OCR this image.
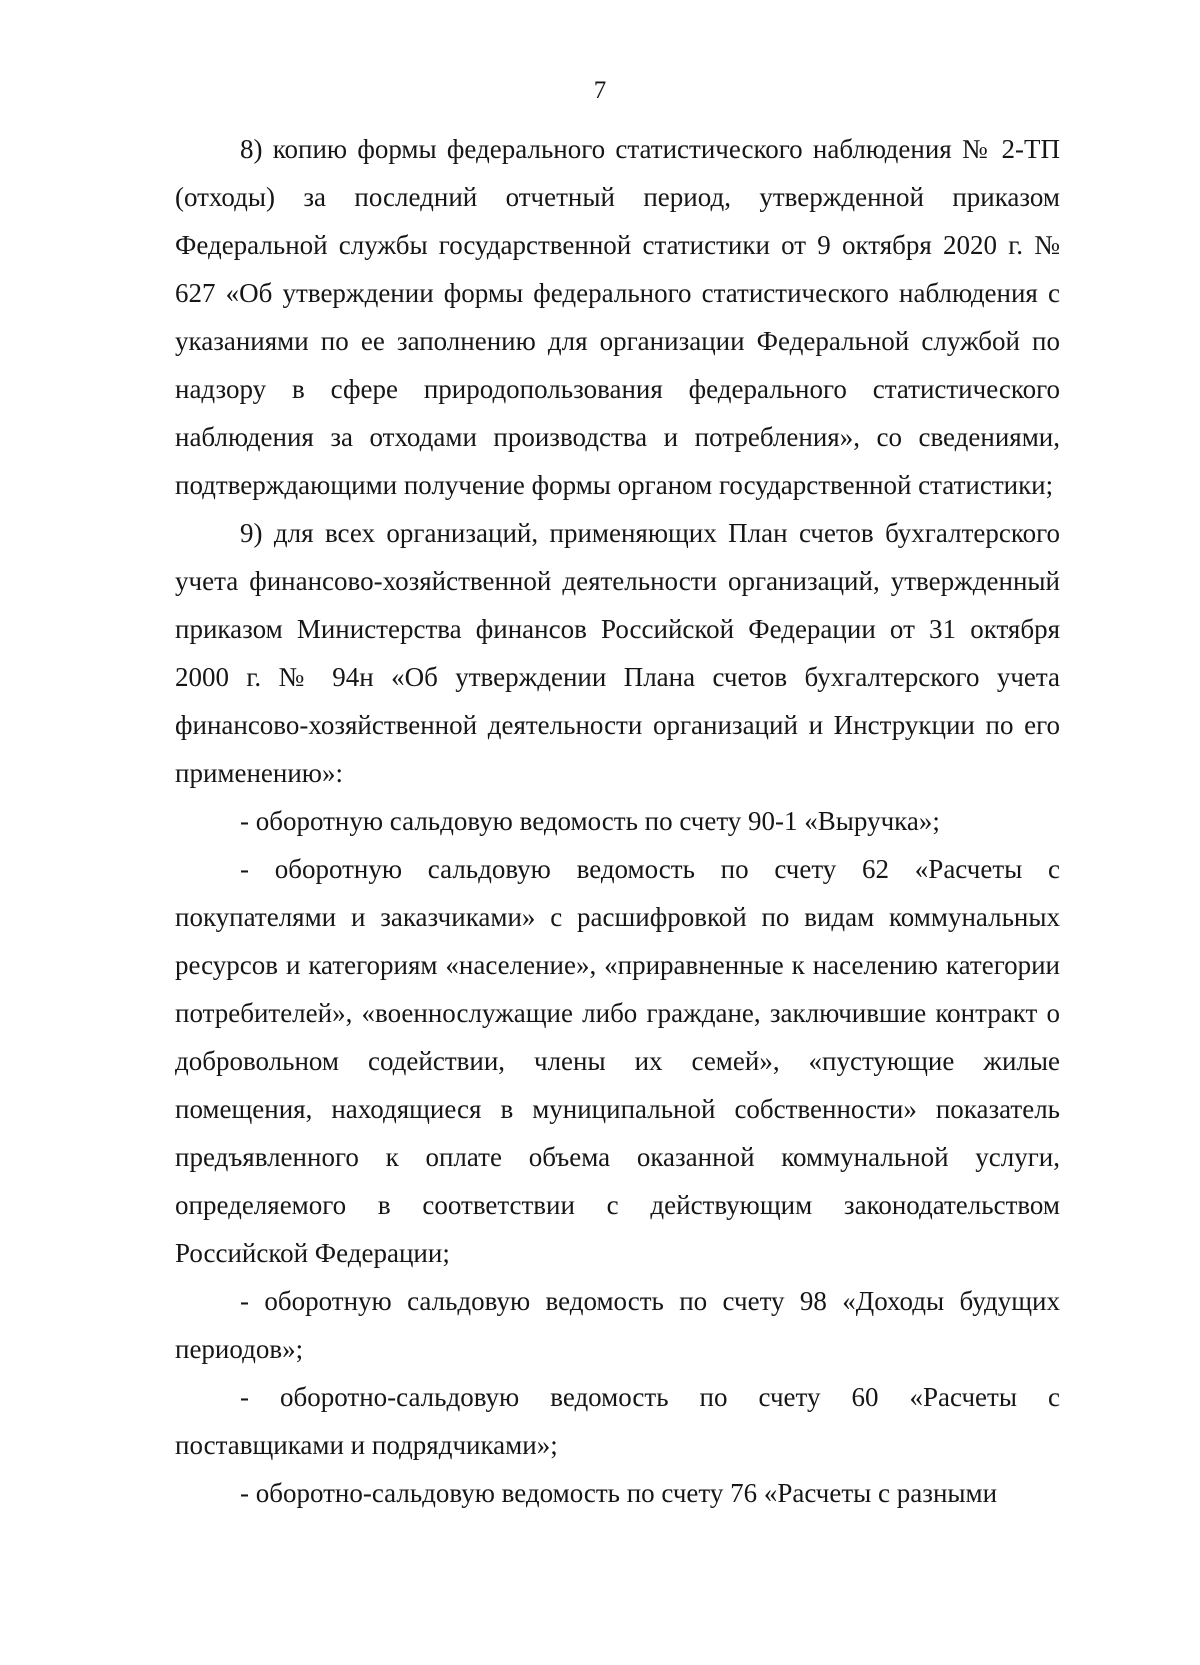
7

8) копию формы федерального статистического наблюдения № 2-ТП (отходы) за последний отчетный период, утвержденной приказом Федеральной службы государственной статистики от 9 октября 2020 г. № 627 «Об утверждении формы федерального статистического наблюдения с указаниями по ее заполнению для организации Федеральной службой по надзору в сфере природопользования федерального статистического наблюдения за отходами производства и потребления», со сведениями, подтверждающими получение формы органом государственной статистики;

9) для всех организаций, применяющих План счетов бухгалтерского учета финансово-хозяйственной деятельности организаций, утвержденный приказом Министерства финансов Российской Федерации от 31 октября 2000 г. № 94н «Об утверждении Плана счетов бухгалтерского учета финансово-хозяйственной деятельности организаций и Инструкции по его применению»:

- оборотную сальдовую ведомость по счету 90-1 «Выручка»;

- оборотную сальдовую ведомость по счету 62 «Расчеты с покупателями и заказчиками» с расшифровкой по видам коммунальных ресурсов и категориям «население», «приравненные к населению категории потребителей», «военнослужащие либо граждане, заключившие контракт о добровольном содействии, члены их семей», «пустующие жилые помещения, находящиеся в муниципальной собственности» показатель предъявленного к оплате объема оказанной коммунальной услуги, определяемого в соответствии с действующим законодательством Российской Федерации;

- оборотную сальдовую ведомость по счету 98 «Доходы будущих периодов»;

- оборотно-сальдовую ведомость по счету 60 «Расчеты с поставщиками и подрядчиками»;

- оборотно-сальдовую ведомость по счету 76 «Расчеты с разными
